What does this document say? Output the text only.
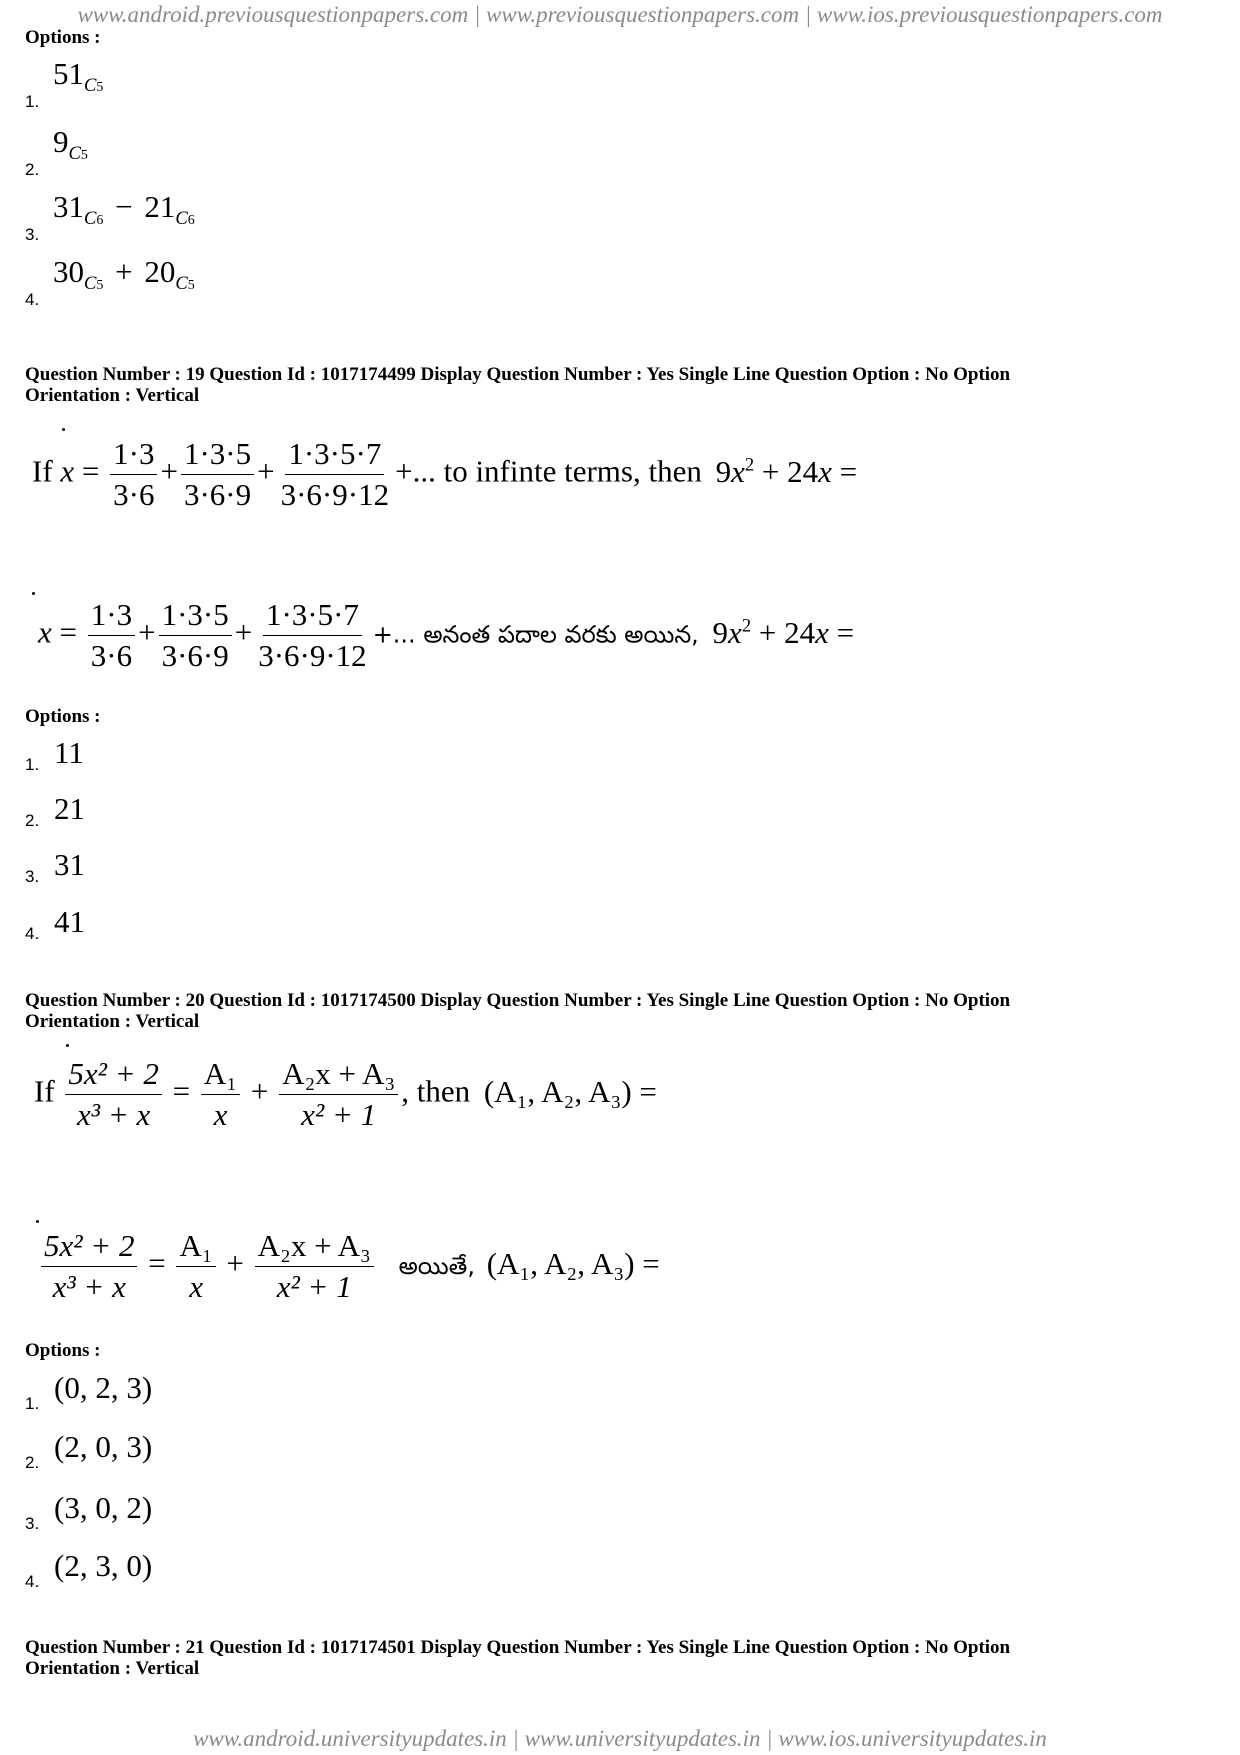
www.android.previousquestionpapers.com | www.previousquestionpapers.com | www.ios.previousquestionpapers.com
Options :
1.
$51_{C5}$
2.
$9_{C5}$
3.
$31_{C6} - 21_{C6}$
4.
$30_{C5} + 20_{C5}$
Question Number : 19 Question Id : 1017174499 Display Question Number : Yes Single Line Question Option : No Option
Orientation : Vertical
If $x = \frac{1\cdot 3}{3\cdot 6} + \frac{1\cdot 3\cdot 5}{3\cdot 6\cdot 9} + \frac{1\cdot 3\cdot 5\cdot 7}{3\cdot 6\cdot 9\cdot 12}$ +... to infinte terms, then $9x^2 + 24x$ =
$x = \frac{1\cdot 3}{3\cdot 6} + \frac{1\cdot 3\cdot 5}{3\cdot 6\cdot 9} + \frac{1\cdot 3\cdot 5\cdot 7}{3\cdot 6\cdot 9\cdot 12}$ +... అనంత పదాల వరకు అయిన, $9x^2 + 24x$ =
Options :
1. 11
2. 21
3. 31
4. 41
Question Number : 20 Question Id : 1017174500 Display Question Number : Yes Single Line Question Option : No Option
Orientation : Vertical
If $\frac{\text{5x² + 2}}{\text{x³ + x}} = \frac{\text{A₁}}{x} + \frac{\text{A₂x + A₃}}{\text{x² + 1}}$ , then (A₁, A₂, A₃) =
$\frac{\text{5x² + 2}}{\text{x³ + x}} = \frac{\text{A₁}}{x} + \frac{\text{A₂x + A₃}}{\text{x² + 1}}$ అయితే, (A₁, A₂, A₃) =
Options :
1. (0, 2, 3)
2. (2, 0, 3)
3. (3, 0, 2)
4. (2, 3, 0)
Question Number : 21 Question Id : 1017174501 Display Question Number : Yes Single Line Question Option : No Option
Orientation : Vertical
www.android.universityupdates.in | www.universityupdates.in | www.ios.universityupdates.in
